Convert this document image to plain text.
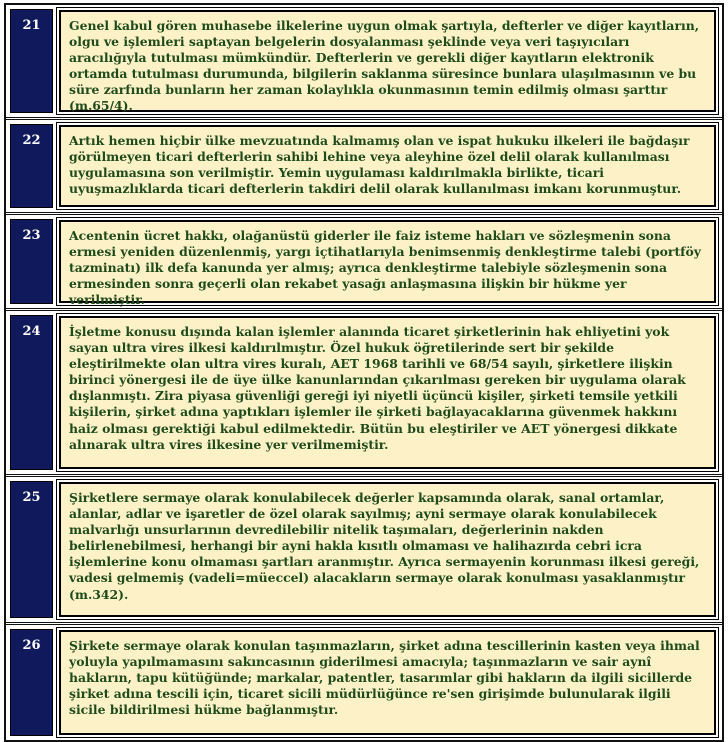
21	Genel kabul gören muhasebe ilkelerine uygun olmak şartıyla, defterler ve diğer kayıtların, olgu ve işlemleri saptayan belgelerin dosyalanması şeklinde veya veri taşıyıcıları aracılığıyla tutulması mümkündür. Defterlerin ve gerekli diğer kayıtların elektronik ortamda tutulması durumunda, bilgilerin saklanma süresince bunlara ulaşılmasının ve bu süre zarfında bunların her zaman kolaylıkla okunmasının temin edilmiş olması şarttır (m.65/4).
22	Artık hemen hiçbir ülke mevzuatında kalmamış olan ve ispat hukuku ilkeleri ile bağdaşır görülmeyen ticari defterlerin sahibi lehine veya aleyhine özel delil olarak kullanılması uygulamasına son verilmiştir. Yemin uygulaması kaldırılmakla birlikte, ticari uyuşmazlıklarda ticari defterlerin takdiri delil olarak kullanılması imkanı korunmuştur.
23	Acentenin ücret hakkı, olağanüstü giderler ile faiz isteme hakları ve sözleşmenin sona ermesi yeniden düzenlenmiş, yargı içtihatlarıyla benimsenmiş denkleştirme talebi (portföy tazminatı) ilk defa kanunda yer almış; ayrıca denkleştirme talebiyle sözleşmenin sona ermesinden sonra geçerli olan rekabet yasağı anlaşmasına ilişkin bir hükme yer verilmiştir.
24	İşletme konusu dışında kalan işlemler alanında ticaret şirketlerinin hak ehliyetini yok sayan ultra vires ilkesi kaldırılmıştır. Özel hukuk öğretilerinde sert bir şekilde eleştirilmekte olan ultra vires kuralı, AET 1968 tarihli ve 68/54 sayılı, şirketlere ilişkin birinci yönergesi ile de üye ülke kanunlarından çıkarılması gereken bir uygulama olarak dışlanmıştı. Zira piyasa güvenliği gereği iyi niyetli üçüncü kişiler, şirketi temsile yetkili kişilerin, şirket adına yaptıkları işlemler ile şirketi bağlayacaklarına güvenmek hakkını haiz olması gerektiği kabul edilmektedir. Bütün bu eleştiriler ve AET yönergesi dikkate alınarak ultra vires ilkesine yer verilmemiştir.
25	Şirketlere sermaye olarak konulabilecek değerler kapsamında olarak, sanal ortamlar, alanlar, adlar ve işaretler de özel olarak sayılmış; ayni sermaye olarak konulabilecek malvarlığı unsurlarının devredilebilir nitelik taşımaları, değerlerinin nakden belirlenebilmesi, herhangi bir ayni hakla kısıtlı olmaması ve halihazırda cebri icra işlemlerine konu olmaması şartları aranmıştır. Ayrıca sermayenin korunması ilkesi gereği, vadesi gelmemiş (vadeli=müeccel) alacakların sermaye olarak konulması yasaklanmıştır (m.342).
26	Şirkete sermaye olarak konulan taşınmazların, şirket adına tescillerinin kasten veya ihmal yoluyla yapılmamasını sakıncasının giderilmesi amacıyla; taşınmazların ve sair aynî hakların, tapu kütüğünde; markalar, patentler, tasarımlar gibi hakların da ilgili sicillerde şirket adına tescili için, ticaret sicili müdürlüğünce re'sen girişimde bulunularak ilgili sicile bildirilmesi hükme bağlanmıştır.
